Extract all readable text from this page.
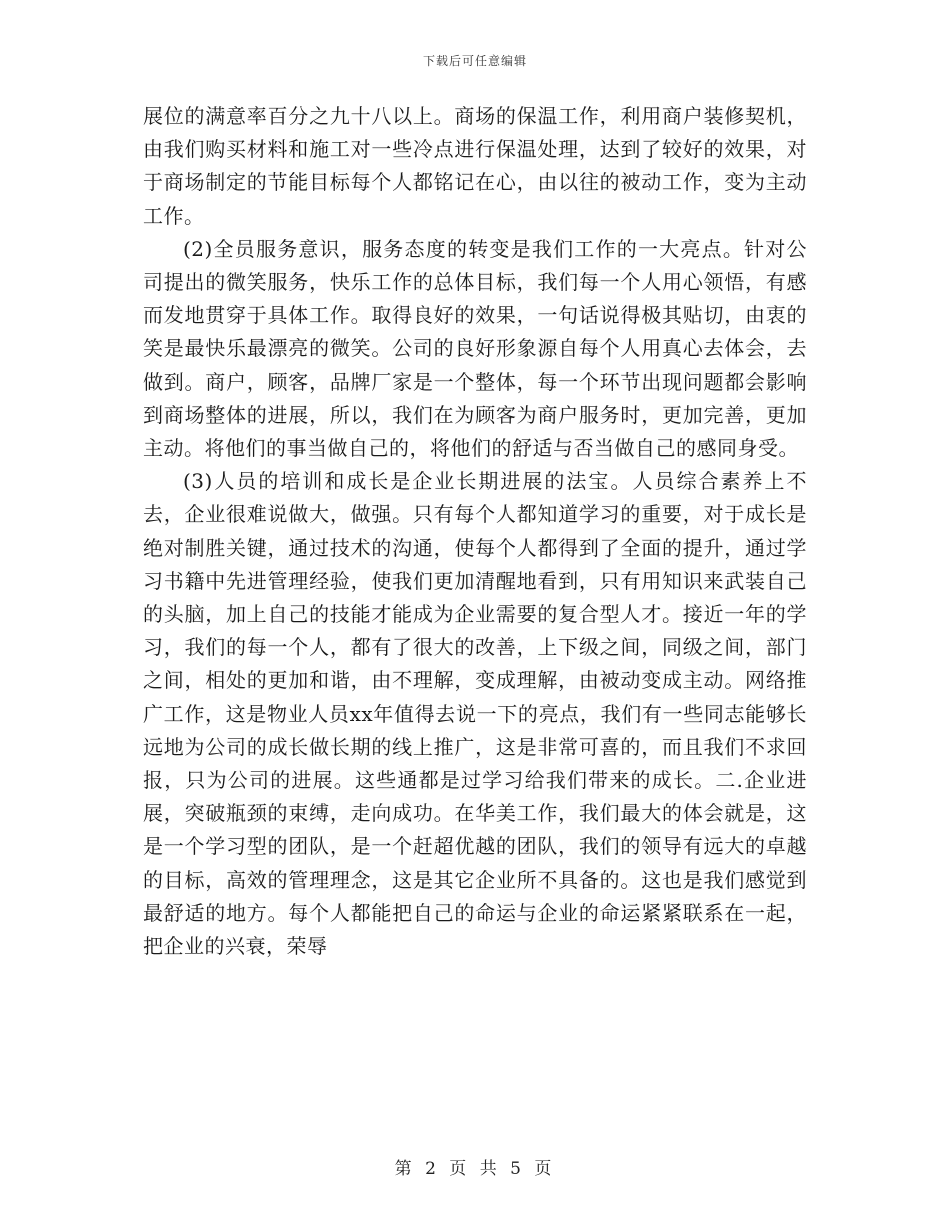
下载后可任意编辑

展位的满意率百分之九十八以上。商场的保温工作，利用商户装修契机，由我们购买材料和施工对一些冷点进行保温处理，达到了较好的效果，对于商场制定的节能目标每个人都铭记在心，由以往的被动工作，变为主动工作。

(2)全员服务意识，服务态度的转变是我们工作的一大亮点。针对公司提出的微笑服务，快乐工作的总体目标，我们每一个人用心领悟，有感而发地贯穿于具体工作。取得良好的效果，一句话说得极其贴切，由衷的笑是最快乐最漂亮的微笑。公司的良好形象源自每个人用真心去体会，去做到。商户，顾客，品牌厂家是一个整体，每一个环节出现问题都会影响到商场整体的进展，所以，我们在为顾客为商户服务时，更加完善，更加主动。将他们的事当做自己的，将他们的舒适与否当做自己的感同身受。

(3)人员的培训和成长是企业长期进展的法宝。人员综合素养上不去，企业很难说做大，做强。只有每个人都知道学习的重要，对于成长是绝对制胜关键，通过技术的沟通，使每个人都得到了全面的提升，通过学习书籍中先进管理经验，使我们更加清醒地看到，只有用知识来武装自己的头脑，加上自己的技能才能成为企业需要的复合型人才。接近一年的学习，我们的每一个人，都有了很大的改善，上下级之间，同级之间，部门之间，相处的更加和谐，由不理解，变成理解，由被动变成主动。网络推广工作，这是物业人员xx年值得去说一下的亮点，我们有一些同志能够长远地为公司的成长做长期的线上推广，这是非常可喜的，而且我们不求回报，只为公司的进展。这些通都是过学习给我们带来的成长。二.企业进展，突破瓶颈的束缚，走向成功。在华美工作，我们最大的体会就是，这是一个学习型的团队，是一个赶超优越的团队，我们的领导有远大的卓越的目标，高效的管理理念，这是其它企业所不具备的。这也是我们感觉到最舒适的地方。每个人都能把自己的命运与企业的命运紧紧联系在一起，把企业的兴衰，荣辱

第 2 页 共 5 页
